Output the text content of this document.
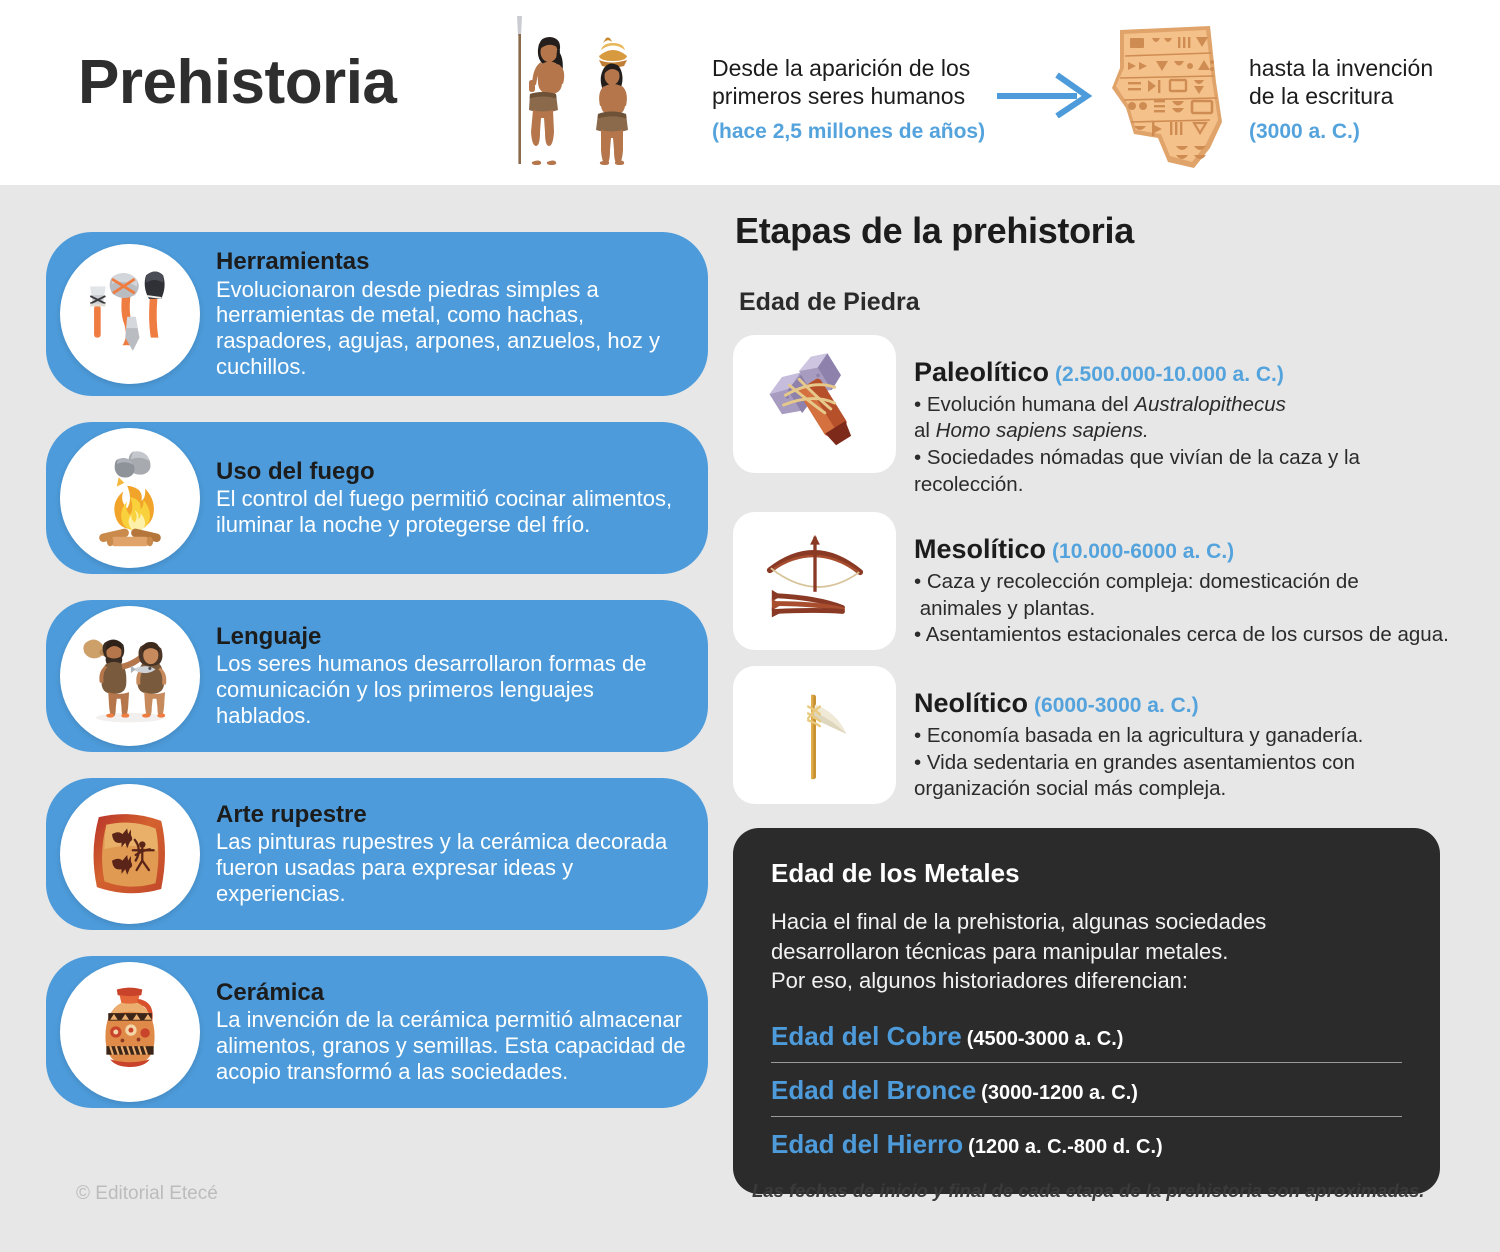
Prehistoria	Desde la aparición de los
primeros seres humanos
(hace 2,5 millones de años)
hasta la invención
de la escritura
(3000 a. C.)
Herramientas
Evolucionaron desde piedras simples a herramientas de metal, como hachas, raspadores, agujas, arpones, anzuelos, hoz y cuchillos.
Uso del fuego
El control del fuego permitió cocinar alimentos, iluminar la noche y protegerse del frío.
Lenguaje
Los seres humanos desarrollaron formas de comunicación y los primeros lenguajes hablados.
Arte rupestre
Las pinturas rupestres y la cerámica decorada fueron usadas para expresar ideas y experiencias.
Cerámica
La invención de la cerámica permitió almacenar alimentos, granos y semillas. Esta capacidad de acopio transformó a las sociedades.
© Editorial Etecé
Etapas de la prehistoria
Edad de Piedra
Paleolítico (2.500.000-10.000 a. C.)
• Evolución humana del Australopithecus
al Homo sapiens sapiens.
• Sociedades nómadas que vivían de la caza y la recolección.
Mesolítico (10.000-6000 a. C.)
• Caza y recolección compleja: domesticación de
animales y plantas.
• Asentamientos estacionales cerca de los cursos de agua.
Neolítico (6000-3000 a. C.)
• Economía basada en la agricultura y ganadería.
• Vida sedentaria en grandes asentamientos con
organización social más compleja.
Edad de los Metales
Hacia el final de la prehistoria, algunas sociedades
desarrollaron técnicas para manipular metales.
Por eso, algunos historiadores diferencian:
Edad del Cobre (4500-3000 a. C.)
Edad del Bronce (3000-1200 a. C.)
Edad del Hierro (1200 a. C.-800 d. C.)
Las fechas de inicio y final de cada etapa de la prehistoria son aproximadas.
